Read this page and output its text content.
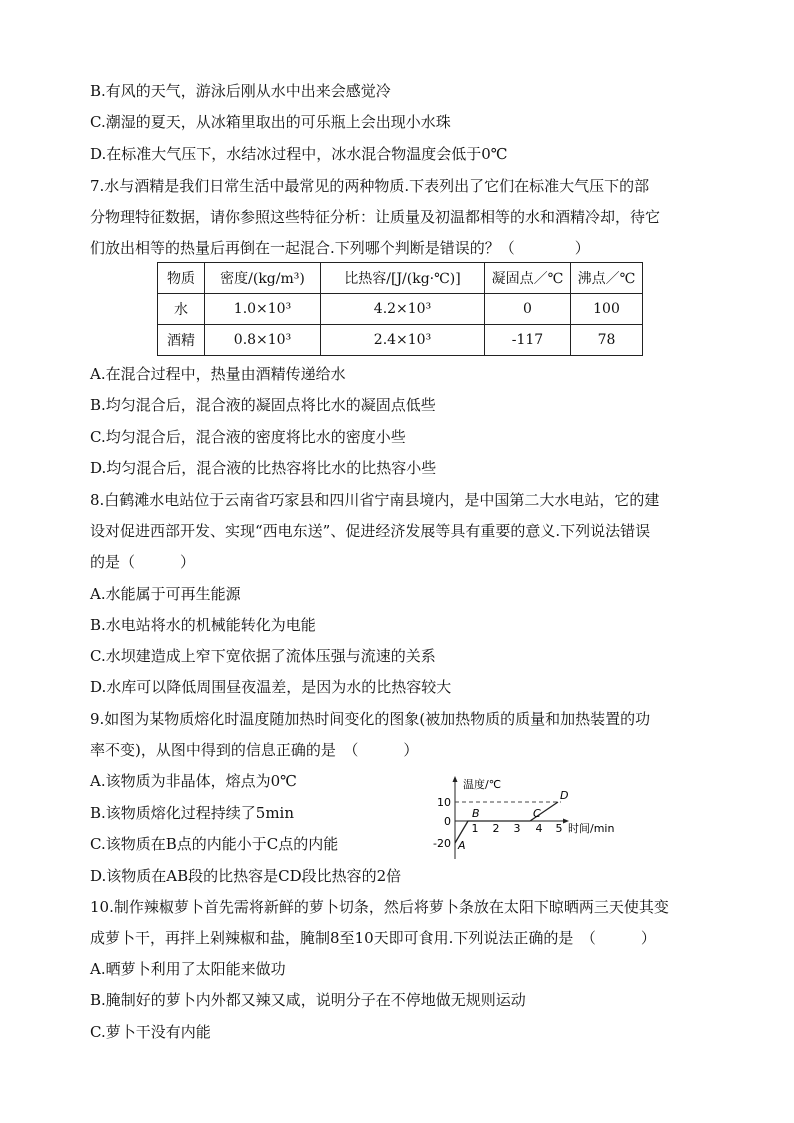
B.有风的天气，游泳后刚从水中出来会感觉冷
C.潮湿的夏天，从冰箱里取出的可乐瓶上会出现小水珠
D.在标准大气压下，水结冰过程中，冰水混合物温度会低于0℃
7.水与酒精是我们日常生活中最常见的两种物质.下表列出了它们在标准大气压下的部
分物理特征数据，请你参照这些特征分析：让质量及初温都相等的水和酒精冷却，待它
们放出相等的热量后再倒在一起混合.下列哪个判断是错误的？（　　　　）
物质	密度/(kg/m³)	比热容/[J/(kg·℃)]	凝固点／℃	沸点／℃
水	1.0×10³	4.2×10³	0	100
酒精	0.8×10³	2.4×10³	-117	78
A.在混合过程中，热量由酒精传递给水
B.均匀混合后，混合液的凝固点将比水的凝固点低些
C.均匀混合后，混合液的密度将比水的密度小些
D.均匀混合后，混合液的比热容将比水的比热容小些
8.白鹤滩水电站位于云南省巧家县和四川省宁南县境内，是中国第二大水电站，它的建
设对促进西部开发、实现“西电东送”、促进经济发展等具有重要的意义.下列说法错误
的是（　　　）
A.水能属于可再生能源
B.水电站将水的机械能转化为电能
C.水坝建造成上窄下宽依据了流体压强与流速的关系
D.水库可以降低周围昼夜温差，是因为水的比热容较大
9.如图为某物质熔化时温度随加热时间变化的图象(被加热物质的质量和加热装置的功
率不变)，从图中得到的信息正确的是　（　　　）
A.该物质为非晶体，熔点为0℃
B.该物质熔化过程持续了5min
C.该物质在B点的内能小于C点的内能
D.该物质在AB段的比热容是CD段比热容的2倍
10
0
-20
1 2 3 4 5
温度/℃
时间/min
A
B	C
D
10.制作辣椒萝卜首先需将新鲜的萝卜切条，然后将萝卜条放在太阳下晾晒两三天使其变
成萝卜干，再拌上剁辣椒和盐，腌制8至10天即可食用.下列说法正确的是　（　　　）
A.晒萝卜利用了太阳能来做功
B.腌制好的萝卜内外都又辣又咸，说明分子在不停地做无规则运动
C.萝卜干没有内能
